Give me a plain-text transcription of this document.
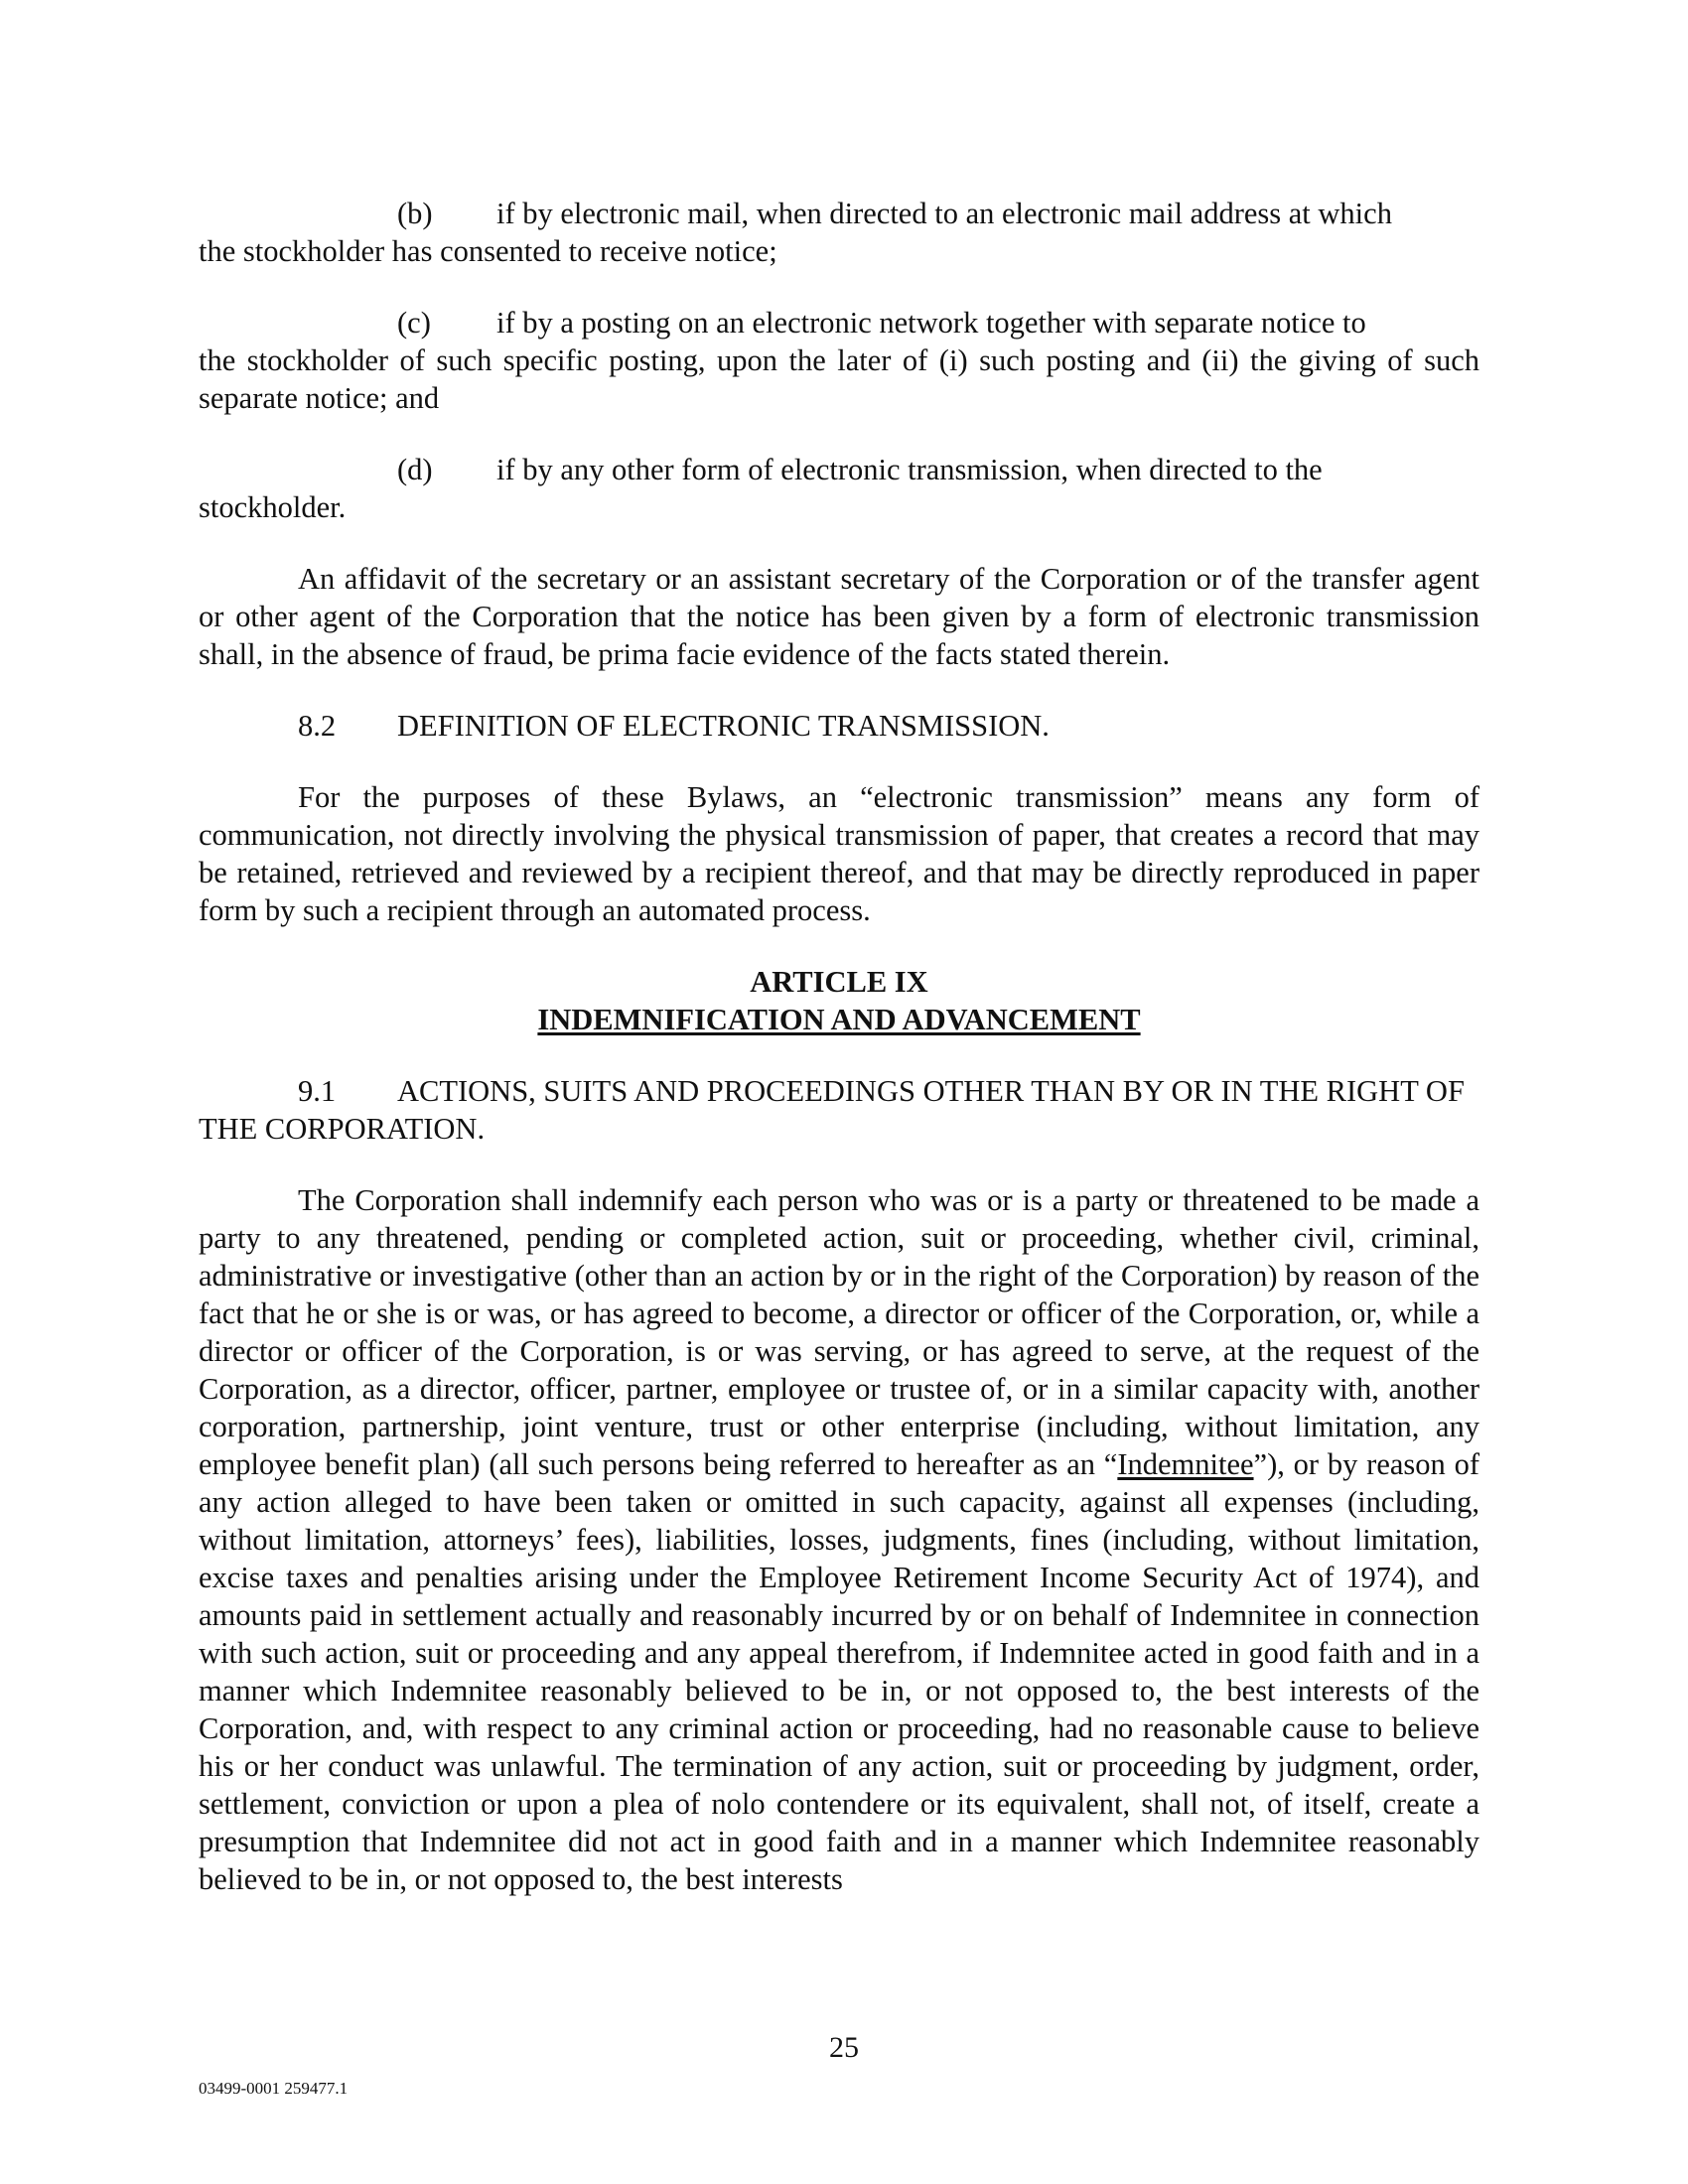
(b) if by electronic mail, when directed to an electronic mail address at which
the stockholder has consented to receive notice;

(c) if by a posting on an electronic network together with separate notice to
the stockholder of such specific posting, upon the later of (i) such posting and (ii) the giving of such separate notice; and

(d) if by any other form of electronic transmission, when directed to the
stockholder.

An affidavit of the secretary or an assistant secretary of the Corporation or of the transfer agent or other agent of the Corporation that the notice has been given by a form of electronic transmission shall, in the absence of fraud, be prima facie evidence of the facts stated therein.

8.2 DEFINITION OF ELECTRONIC TRANSMISSION.

For the purposes of these Bylaws, an “electronic transmission” means any form of communication, not directly involving the physical transmission of paper, that creates a record that may be retained, retrieved and reviewed by a recipient thereof, and that may be directly reproduced in paper form by such a recipient through an automated process.

ARTICLE IX
INDEMNIFICATION AND ADVANCEMENT

9.1 ACTIONS, SUITS AND PROCEEDINGS OTHER THAN BY OR IN THE RIGHT OF THE CORPORATION.

The Corporation shall indemnify each person who was or is a party or threatened to be made a party to any threatened, pending or completed action, suit or proceeding, whether civil, criminal, administrative or investigative (other than an action by or in the right of the Corporation) by reason of the fact that he or she is or was, or has agreed to become, a director or officer of the Corporation, or, while a director or officer of the Corporation, is or was serving, or has agreed to serve, at the request of the Corporation, as a director, officer, partner, employee or trustee of, or in a similar capacity with, another corporation, partnership, joint venture, trust or other enterprise (including, without limitation, any employee benefit plan) (all such persons being referred to hereafter as an “Indemnitee”), or by reason of any action alleged to have been taken or omitted in such capacity, against all expenses (including, without limitation, attorneys’ fees), liabilities, losses, judgments, fines (including, without limitation, excise taxes and penalties arising under the Employee Retirement Income Security Act of 1974), and amounts paid in settlement actually and reasonably incurred by or on behalf of Indemnitee in connection with such action, suit or proceeding and any appeal therefrom, if Indemnitee acted in good faith and in a manner which Indemnitee reasonably believed to be in, or not opposed to, the best interests of the Corporation, and, with respect to any criminal action or proceeding, had no reasonable cause to believe his or her conduct was unlawful. The termination of any action, suit or proceeding by judgment, order, settlement, conviction or upon a plea of nolo contendere or its equivalent, shall not, of itself, create a presumption that Indemnitee did not act in good faith and in a manner which Indemnitee reasonably believed to be in, or not opposed to, the best interests

25
03499-0001 259477.1
